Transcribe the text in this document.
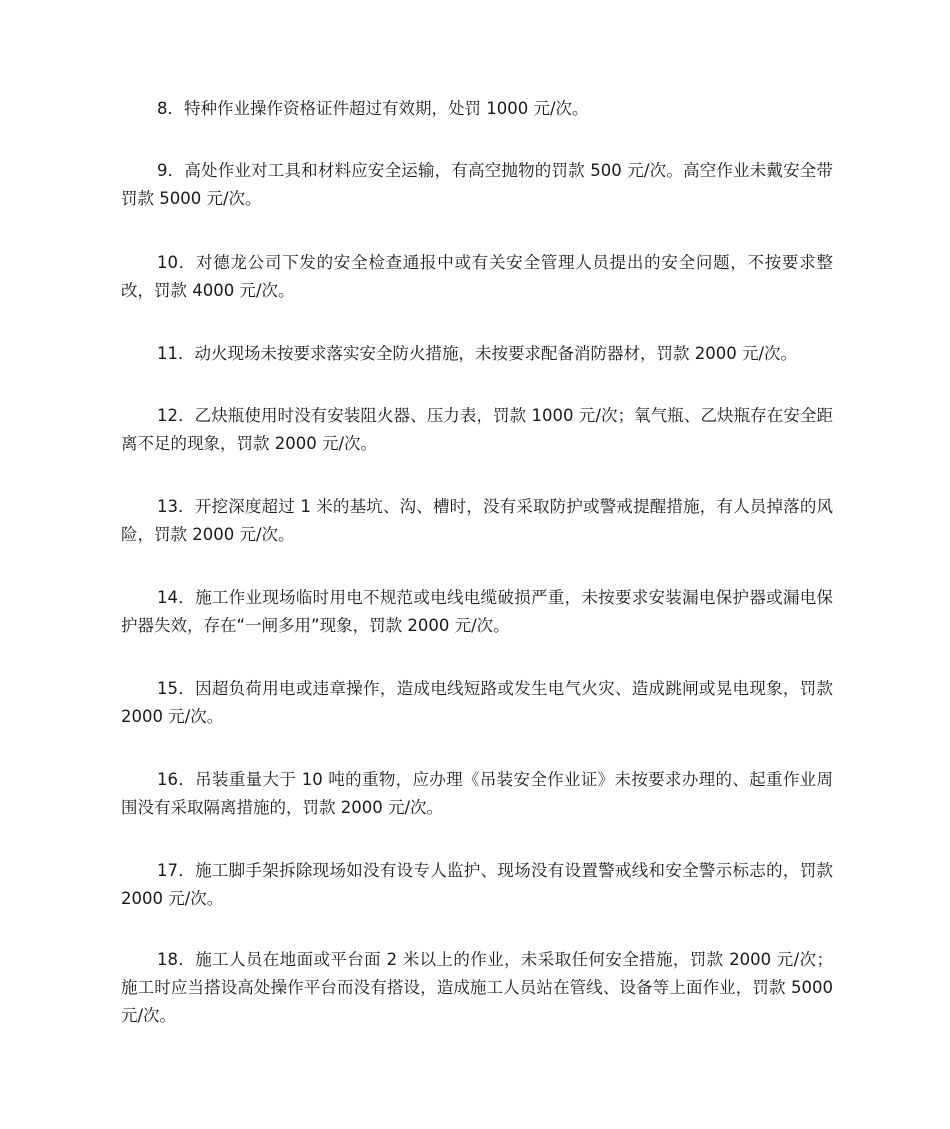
8．特种作业操作资格证件超过有效期，处罚 1000 元/次。

9．高处作业对工具和材料应安全运输，有高空抛物的罚款 500 元/次。高空作业未戴安全带罚款 5000 元/次。

10．对德龙公司下发的安全检查通报中或有关安全管理人员提出的安全问题，不按要求整改，罚款 4000 元/次。

11．动火现场未按要求落实安全防火措施，未按要求配备消防器材，罚款 2000 元/次。

12．乙炔瓶使用时没有安装阻火器、压力表，罚款 1000 元/次；氧气瓶、乙炔瓶存在安全距离不足的现象，罚款 2000 元/次。

13．开挖深度超过 1 米的基坑、沟、槽时，没有采取防护或警戒提醒措施，有人员掉落的风险，罚款 2000 元/次。

14．施工作业现场临时用电不规范或电线电缆破损严重，未按要求安装漏电保护器或漏电保护器失效，存在“一闸多用”现象，罚款 2000 元/次。

15．因超负荷用电或违章操作，造成电线短路或发生电气火灾、造成跳闸或晃电现象，罚款 2000 元/次。

16．吊装重量大于 10 吨的重物，应办理《吊装安全作业证》未按要求办理的、起重作业周围没有采取隔离措施的，罚款 2000 元/次。

17．施工脚手架拆除现场如没有设专人监护、现场没有设置警戒线和安全警示标志的，罚款 2000 元/次。

18．施工人员在地面或平台面 2 米以上的作业，未采取任何安全措施，罚款 2000 元/次；施工时应当搭设高处操作平台而没有搭设，造成施工人员站在管线、设备等上面作业，罚款 5000 元/次。
